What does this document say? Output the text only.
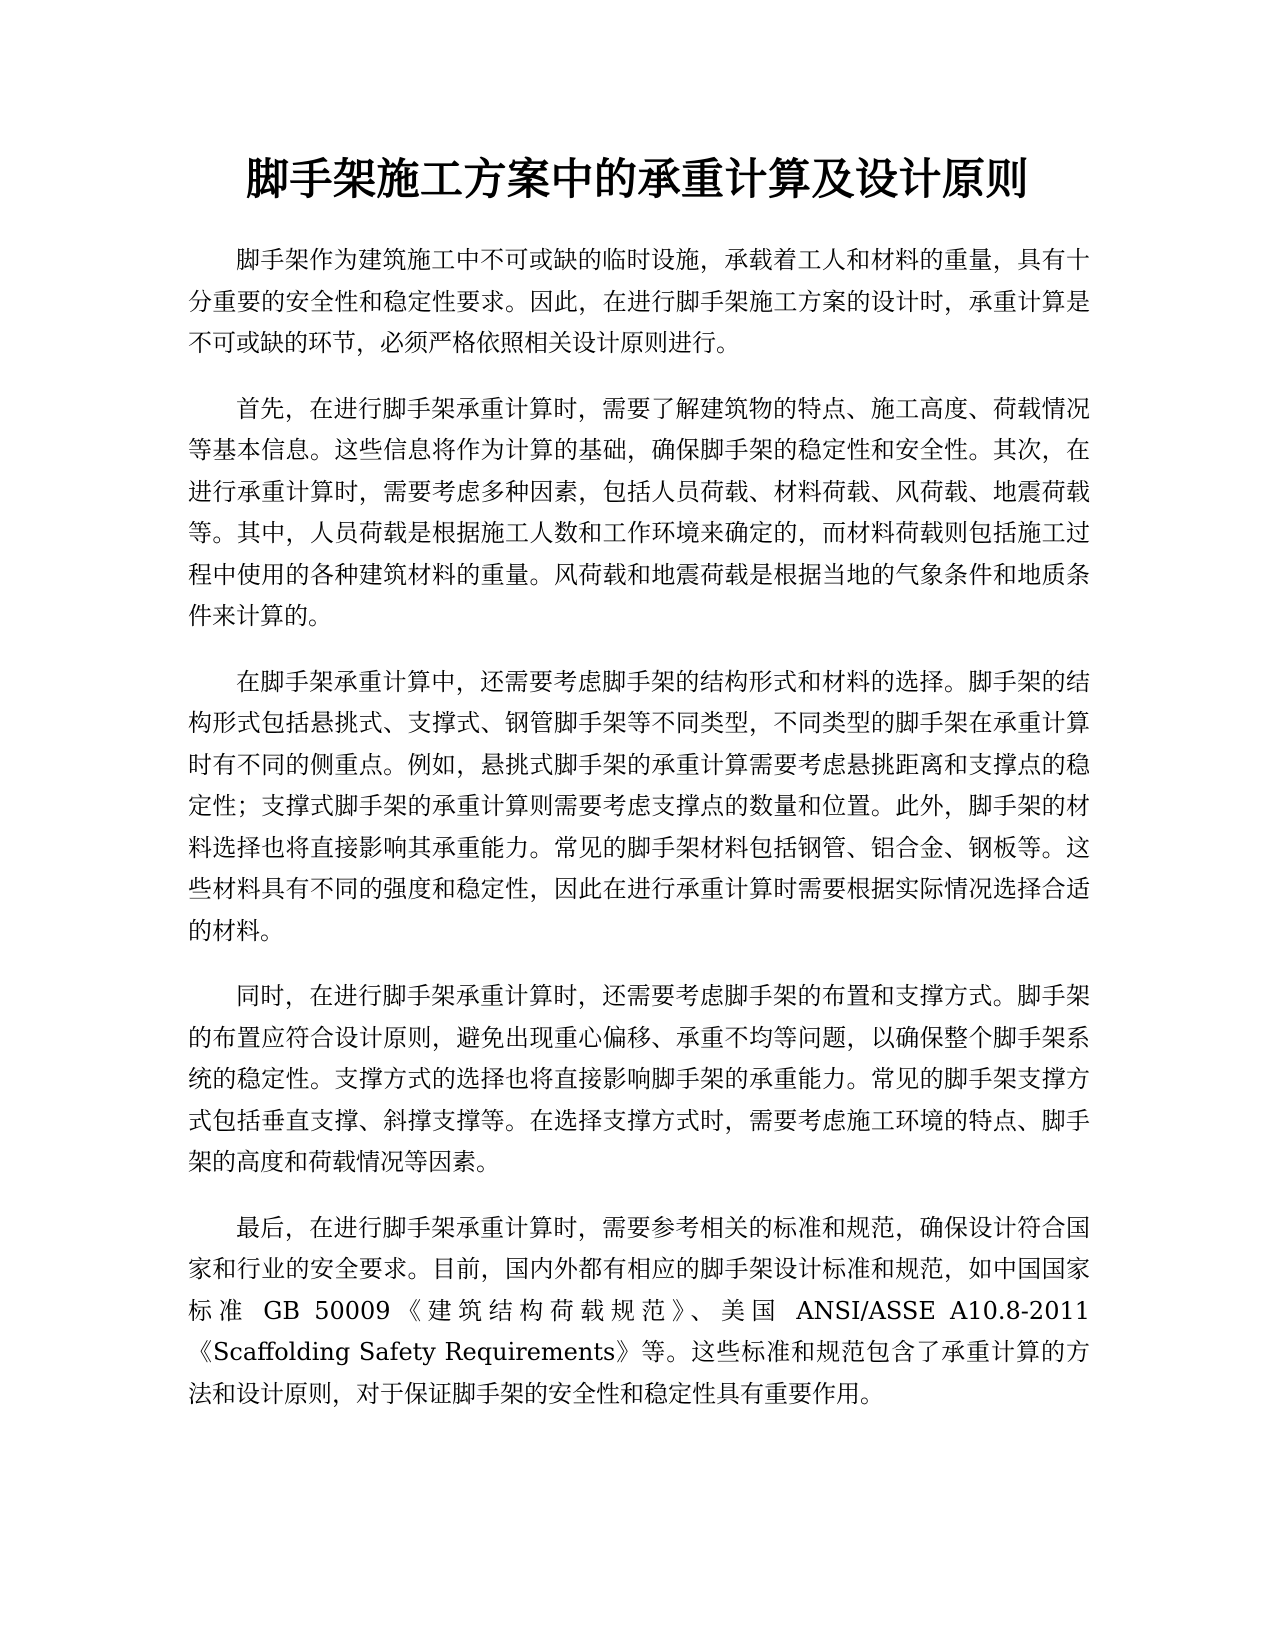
脚手架施工方案中的承重计算及设计原则

脚手架作为建筑施工中不可或缺的临时设施，承载着工人和材料的重量，具有十分重要的安全性和稳定性要求。因此，在进行脚手架施工方案的设计时，承重计算是不可或缺的环节，必须严格依照相关设计原则进行。

首先，在进行脚手架承重计算时，需要了解建筑物的特点、施工高度、荷载情况等基本信息。这些信息将作为计算的基础，确保脚手架的稳定性和安全性。其次，在进行承重计算时，需要考虑多种因素，包括人员荷载、材料荷载、风荷载、地震荷载等。其中，人员荷载是根据施工人数和工作环境来确定的，而材料荷载则包括施工过程中使用的各种建筑材料的重量。风荷载和地震荷载是根据当地的气象条件和地质条件来计算的。

在脚手架承重计算中，还需要考虑脚手架的结构形式和材料的选择。脚手架的结构形式包括悬挑式、支撑式、钢管脚手架等不同类型，不同类型的脚手架在承重计算时有不同的侧重点。例如，悬挑式脚手架的承重计算需要考虑悬挑距离和支撑点的稳定性；支撑式脚手架的承重计算则需要考虑支撑点的数量和位置。此外，脚手架的材料选择也将直接影响其承重能力。常见的脚手架材料包括钢管、铝合金、钢板等。这些材料具有不同的强度和稳定性，因此在进行承重计算时需要根据实际情况选择合适的材料。

同时，在进行脚手架承重计算时，还需要考虑脚手架的布置和支撑方式。脚手架的布置应符合设计原则，避免出现重心偏移、承重不均等问题，以确保整个脚手架系统的稳定性。支撑方式的选择也将直接影响脚手架的承重能力。常见的脚手架支撑方式包括垂直支撑、斜撑支撑等。在选择支撑方式时，需要考虑施工环境的特点、脚手架的高度和荷载情况等因素。

最后，在进行脚手架承重计算时，需要参考相关的标准和规范，确保设计符合国家和行业的安全要求。目前，国内外都有相应的脚手架设计标准和规范，如中国国家标准 GB 50009《建筑结构荷载规范》、美国 ANSI/ASSE A10.8-2011《Scaffolding Safety Requirements》等。这些标准和规范包含了承重计算的方法和设计原则，对于保证脚手架的安全性和稳定性具有重要作用。
